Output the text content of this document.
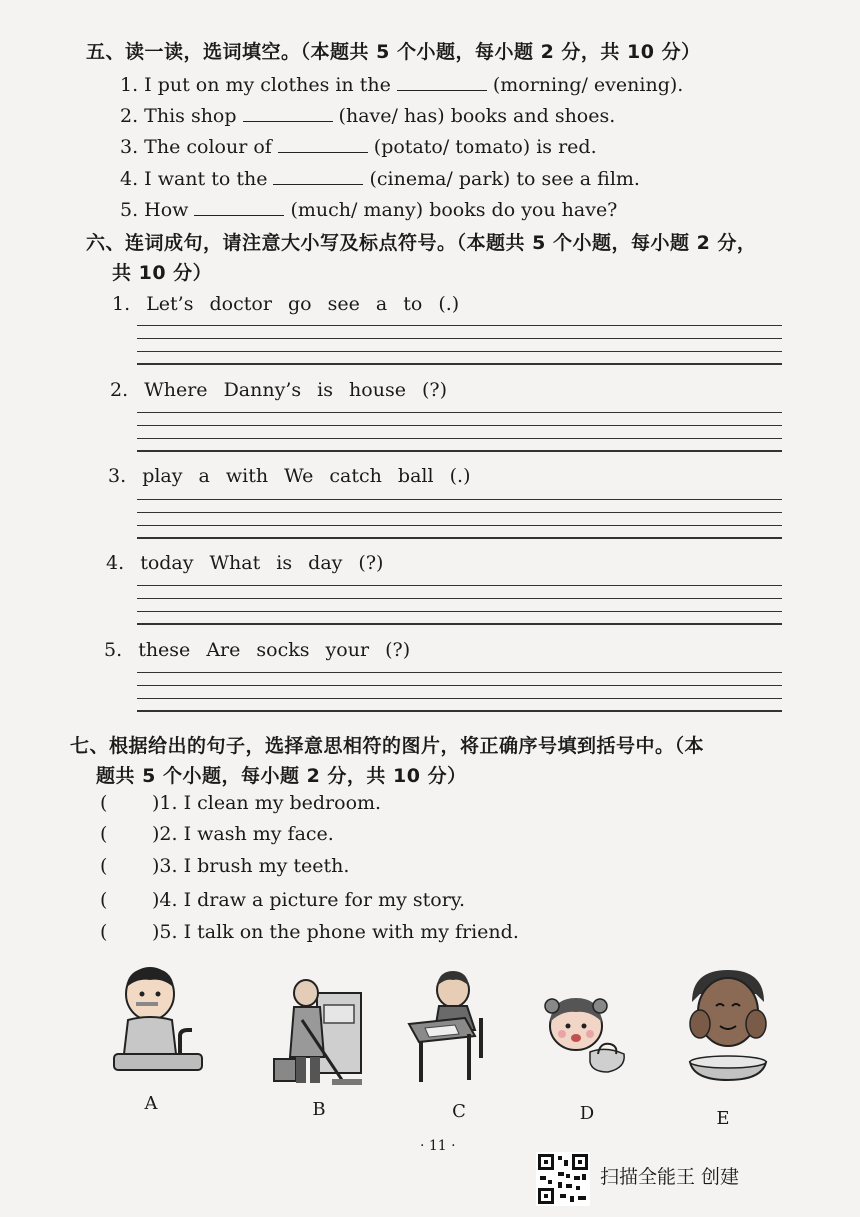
五、读一读，选词填空。（本题共 5 个小题，每小题 2 分，共 10 分）
1. I put on my clothes in the	(morning/ evening).
2. This shop	(have/ has) books and shoes.
3. The colour of	(potato/ tomato) is red.
4. I want to the	(cinema/ park) to see a film.
5. How	(much/ many) books do you have?
六、连词成句，请注意大小写及标点符号。（本题共 5 个小题，每小题 2 分，
共 10 分）
1. Let’s doctor go see a to (.)
2. Where Danny’s is house (?)
3. play a with We catch ball (.)
4. today What is day (?)
5. these Are socks your (?)
七、根据给出的句子，选择意思相符的图片，将正确序号填到括号中。（本
题共 5 个小题，每小题 2 分，共 10 分）
( )1. I clean my bedroom.
( )2. I wash my face.
( )3. I brush my teeth.
( )4. I draw a picture for my story.
( )5. I talk on the phone with my friend.
A	B	C	D	E
· 11 ·
扫描全能王 创建
